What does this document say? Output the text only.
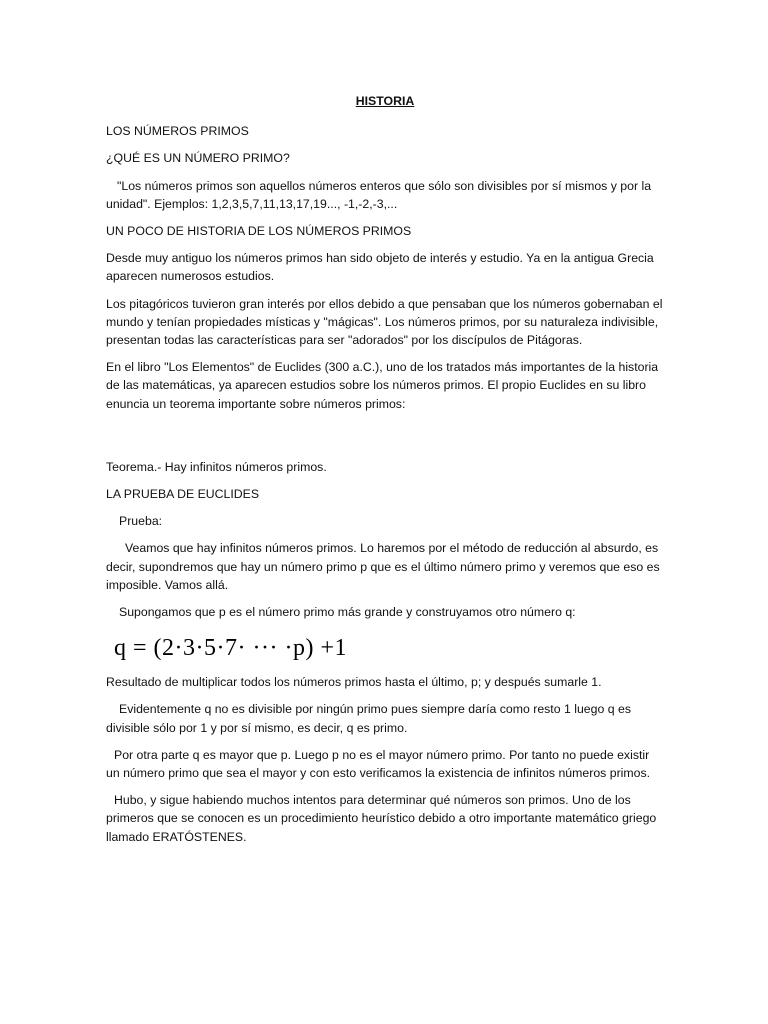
HISTORIA

LOS NÚMEROS PRIMOS

¿QUÉ ES UN NÚMERO PRIMO?

"Los números primos son aquellos números enteros que sólo son divisibles por sí mismos y por la unidad". Ejemplos: 1,2,3,5,7,11,13,17,19..., -1,-2,-3,...

UN POCO DE HISTORIA DE LOS NÚMEROS PRIMOS

Desde muy antiguo los números primos han sido objeto de interés y estudio. Ya en la antigua Grecia aparecen numerosos estudios.

Los pitagóricos tuvieron gran interés por ellos debido a que pensaban que los números gobernaban el mundo y tenían propiedades místicas y "mágicas". Los números primos, por su naturaleza indivisible, presentan todas las características para ser "adorados" por los discípulos de Pitágoras.

En el libro "Los Elementos" de Euclides (300 a.C.), uno de los tratados más importantes de la historia de las matemáticas, ya aparecen estudios sobre los números primos. El propio Euclides en su libro enuncia un teorema importante sobre números primos:

Teorema.- Hay infinitos números primos.

LA PRUEBA DE EUCLIDES

Prueba:

Veamos que hay infinitos números primos. Lo haremos por el método de reducción al absurdo, es decir, supondremos que hay un número primo p que es el último número primo y veremos que eso es imposible. Vamos allá.

Supongamos que p es el número primo más grande y construyamos otro número q:

q = (2·3·5·7· ··· ·p) +1

Resultado de multiplicar todos los números primos hasta el último, p; y después sumarle 1.

Evidentemente q no es divisible por ningún primo pues siempre daría como resto 1 luego q es divisible sólo por 1 y por sí mismo, es decir, q es primo.

Por otra parte q es mayor que p. Luego p no es el mayor número primo. Por tanto no puede existir un número primo que sea el mayor y con esto verificamos la existencia de infinitos números primos.

Hubo, y sigue habiendo muchos intentos para determinar qué números son primos. Uno de los primeros que se conocen es un procedimiento heurístico debido a otro importante matemático griego llamado ERATÓSTENES.
